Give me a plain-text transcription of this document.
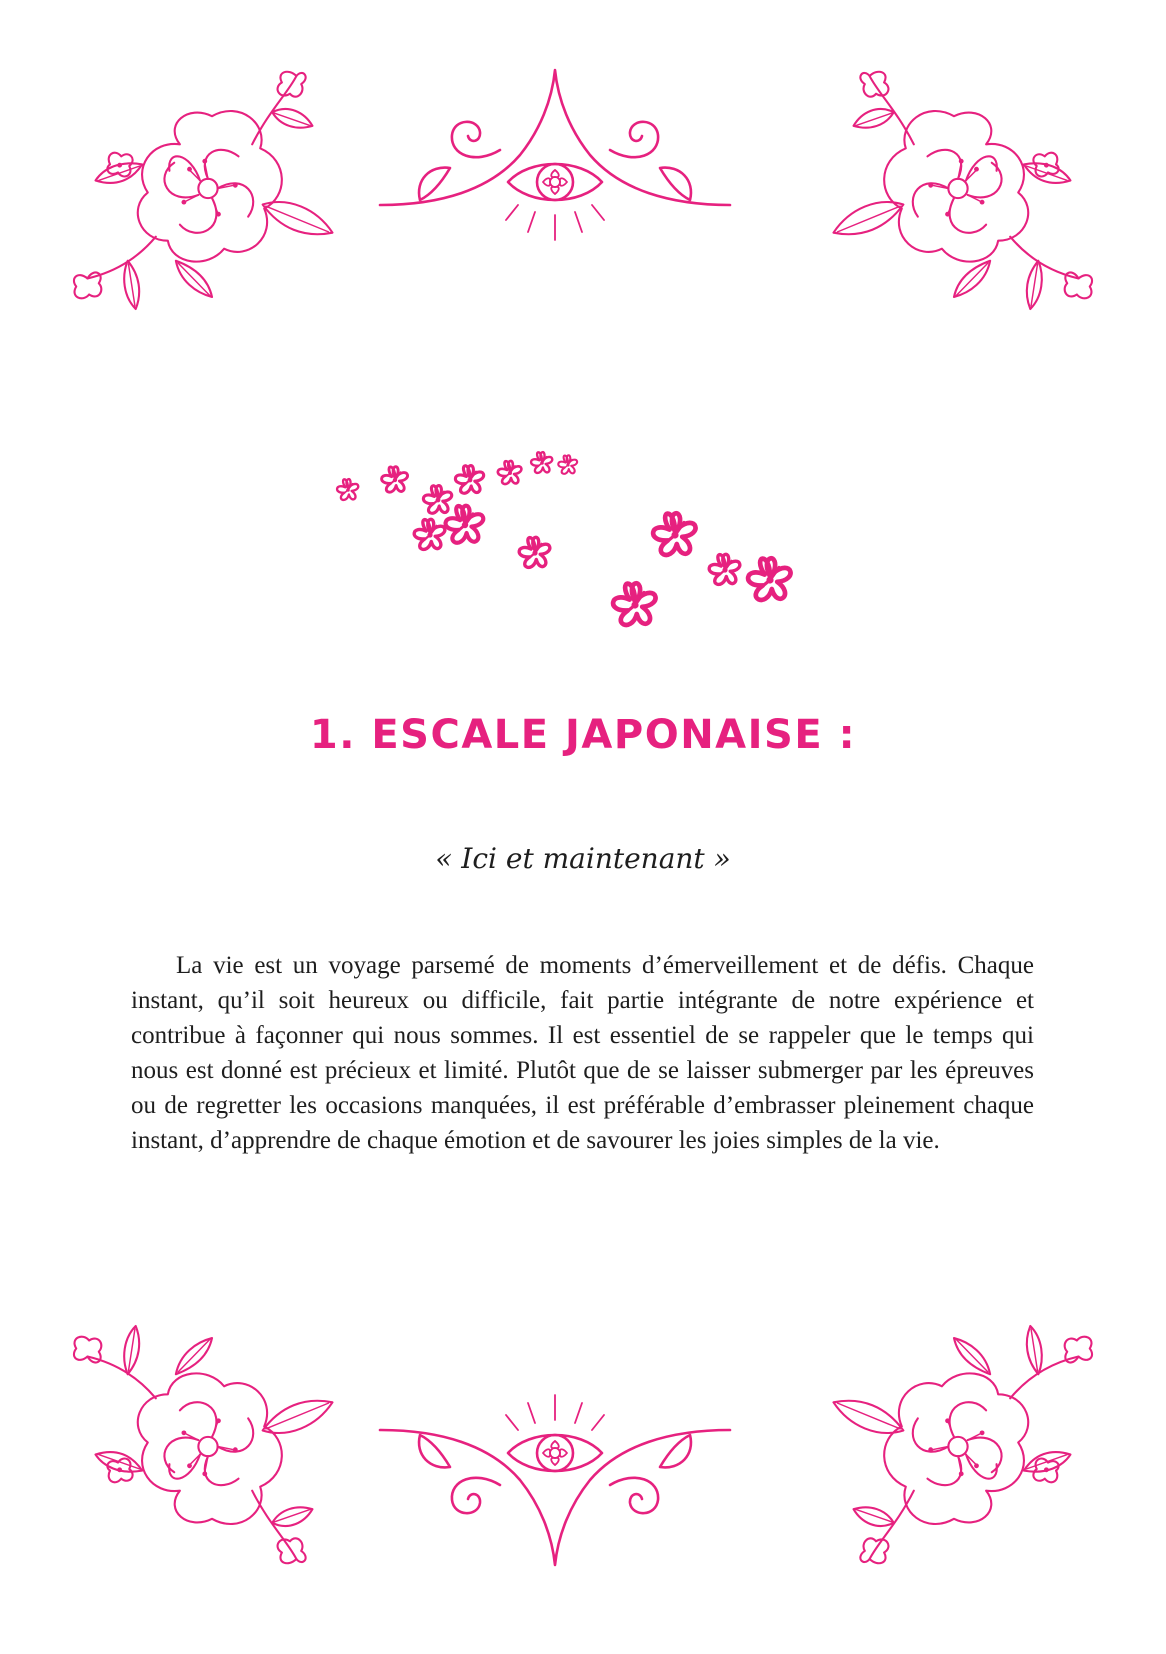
1. ESCALE JAPONAISE :

« Ici et maintenant »

La vie est un voyage parsemé de moments d’émerveillement et de défis. Chaque instant, qu’il soit heureux ou difficile, fait partie intégrante de notre expérience et contribue à façonner qui nous sommes. Il est essentiel de se rappeler que le temps qui nous est donné est précieux et limité. Plutôt que de se laisser submerger par les épreuves ou de regretter les occasions manquées, il est préférable d’embrasser pleinement chaque instant, d’apprendre de chaque émotion et de savourer les joies simples de la vie.
